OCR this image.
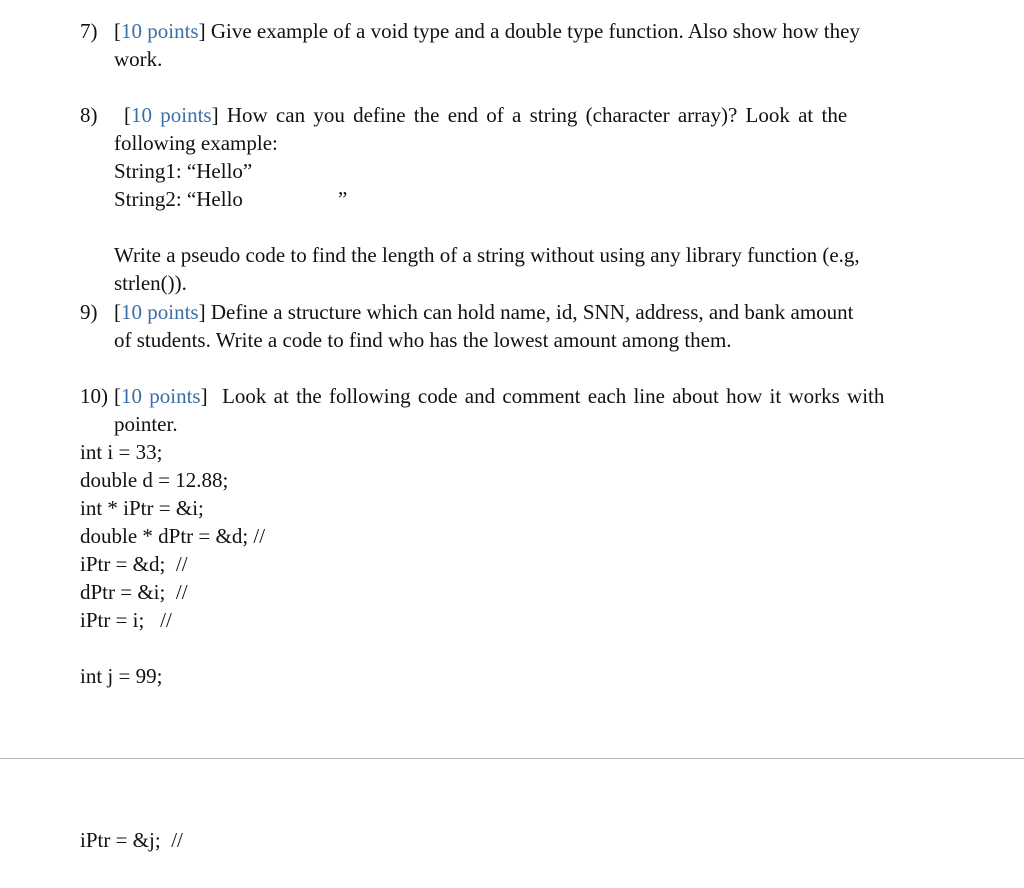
7) [10 points] Give example of a void type and a double type function. Also show how they
work.
8) [10 points] How can you define the end of a string (character array)? Look at the
following example:
String1: “Hello”
String2: “Hello	”
Write a pseudo code to find the length of a string without using any library function (e.g,
strlen()).
9) [10 points] Define a structure which can hold name, id, SNN, address, and bank amount
of students. Write a code to find who has the lowest amount among them.
10) [10 points]  Look at the following code and comment each line about how it works with
pointer.
int i = 33;
double d = 12.88;
int * iPtr = &i;
double * dPtr = &d; //
iPtr = &d;  //
dPtr = &i;  //
iPtr = i;   //
int j = 99;
iPtr = &j;  //
